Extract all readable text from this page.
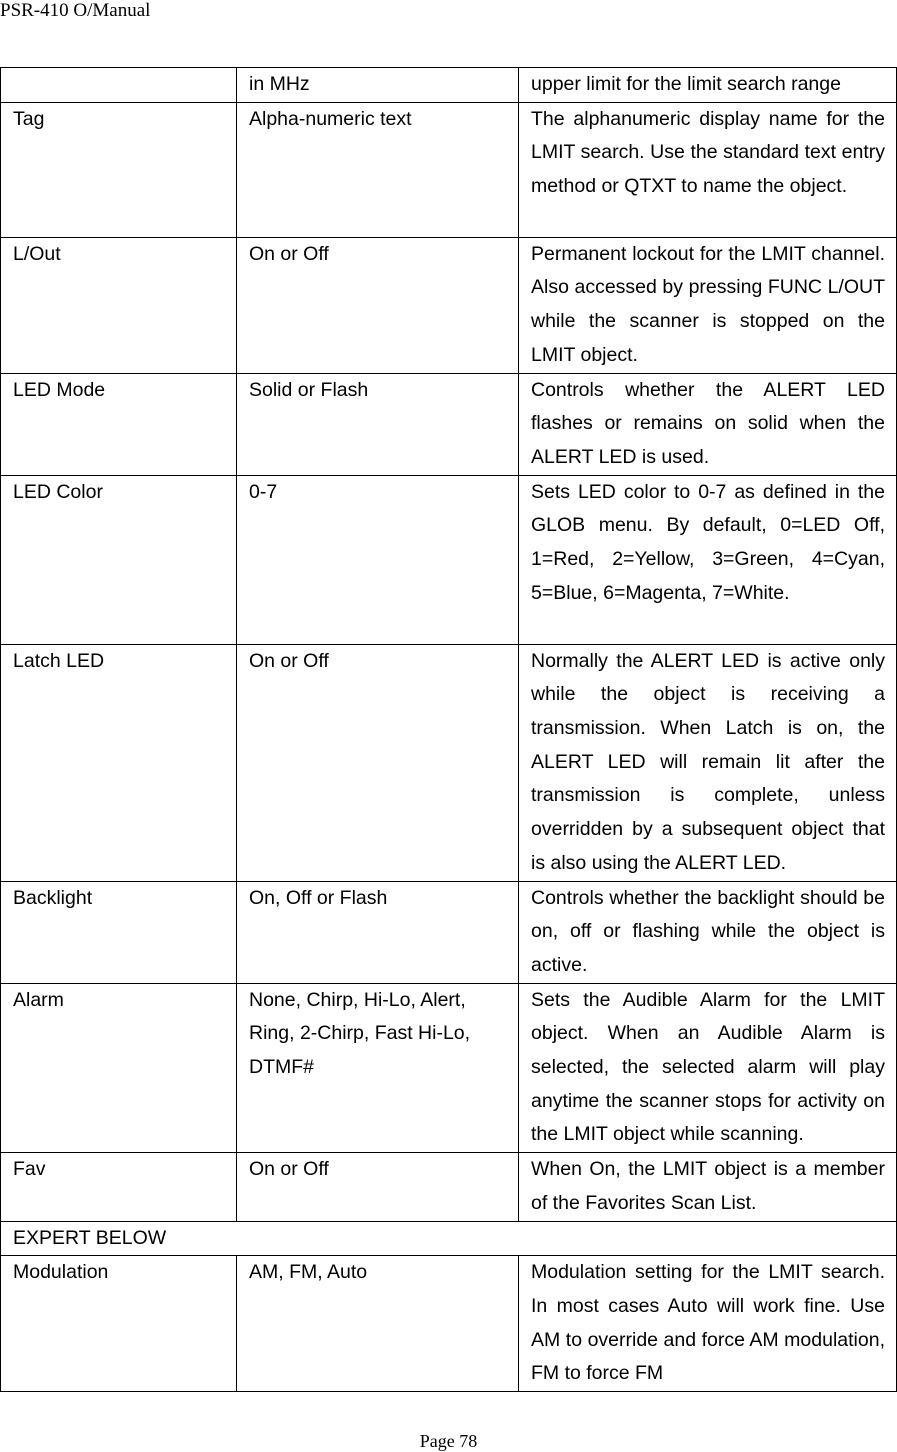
PSR-410 O/Manual
	in MHz	upper limit for the limit search range
Tag	Alpha-numeric text	The alphanumeric display name for the LMIT search. Use the standard text entry method or QTXT to name the object.
L/Out	On or Off	Permanent lockout for the LMIT channel. Also accessed by pressing FUNC L/OUT while the scanner is stopped on the LMIT object.
LED Mode	Solid or Flash	Controls whether the ALERT LED flashes or remains on solid when the ALERT LED is used.
LED Color	0-7	Sets LED color to 0-7 as defined in the GLOB menu. By default, 0=LED Off, 1=Red, 2=Yellow, 3=Green, 4=Cyan, 5=Blue, 6=Magenta, 7=White.
Latch LED	On or Off	Normally the ALERT LED is active only while the object is receiving a transmission. When Latch is on, the ALERT LED will remain lit after the transmission is complete, unless overridden by a subsequent object that is also using the ALERT LED.
Backlight	On, Off or Flash	Controls whether the backlight should be on, off or flashing while the object is active.
Alarm	None, Chirp, Hi-Lo, Alert, Ring, 2-Chirp, Fast Hi-Lo, DTMF#	Sets the Audible Alarm for the LMIT object. When an Audible Alarm is selected, the selected alarm will play anytime the scanner stops for activity on the LMIT object while scanning.
Fav	On or Off	When On, the LMIT object is a member of the Favorites Scan List.
EXPERT BELOW		
Modulation	AM, FM, Auto	Modulation setting for the LMIT search. In most cases Auto will work fine. Use AM to override and force AM modulation, FM to force FM
Page 78
